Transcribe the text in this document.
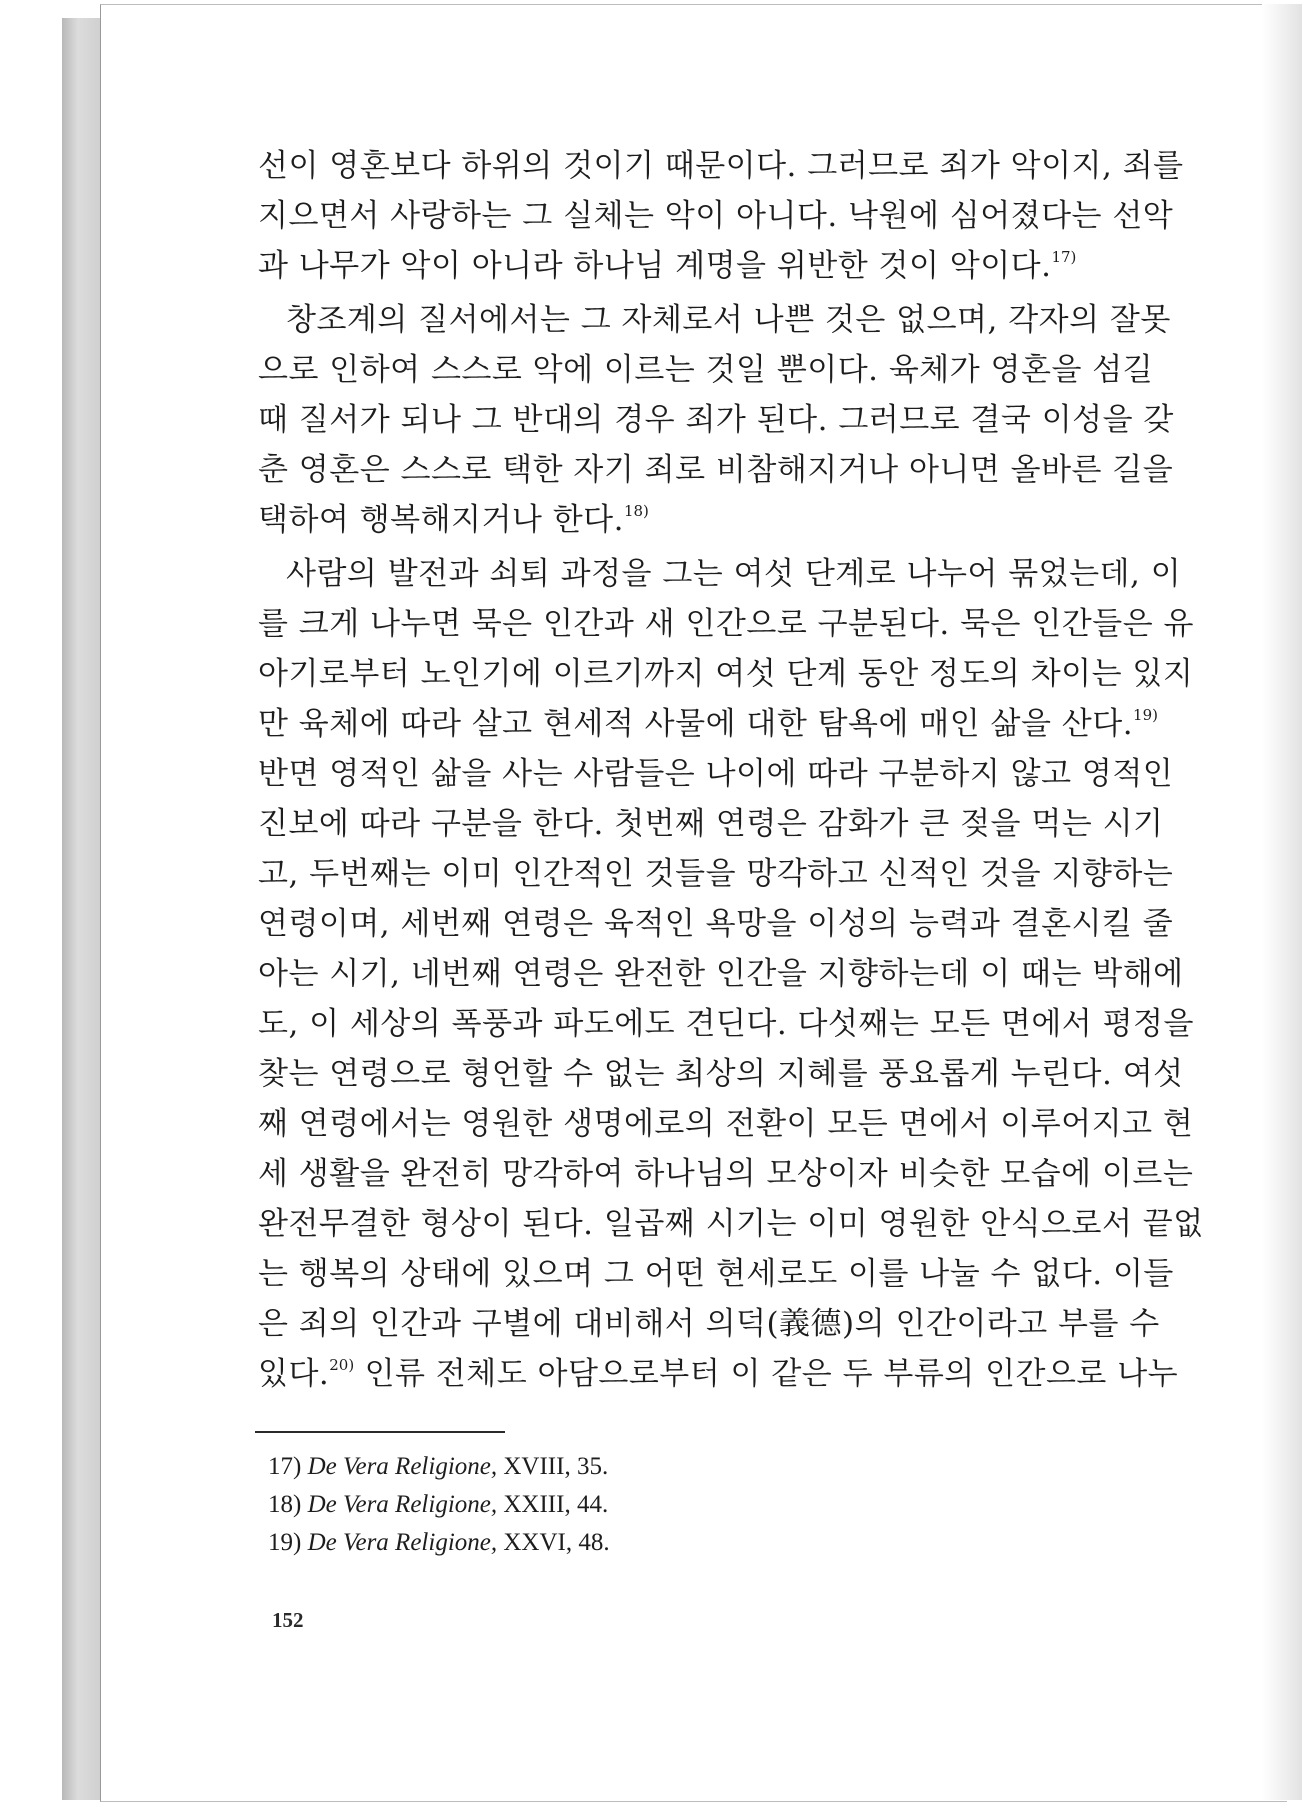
선이 영혼보다 하위의 것이기 때문이다. 그러므로 죄가 악이지, 죄를
지으면서 사랑하는 그 실체는 악이 아니다. 낙원에 심어졌다는 선악
과 나무가 악이 아니라 하나님 계명을 위반한 것이 악이다.$^{17)}$
창조계의 질서에서는 그 자체로서 나쁜 것은 없으며, 각자의 잘못
으로 인하여 스스로 악에 이르는 것일 뿐이다. 육체가 영혼을 섬길
때 질서가 되나 그 반대의 경우 죄가 된다. 그러므로 결국 이성을 갖
춘 영혼은 스스로 택한 자기 죄로 비참해지거나 아니면 올바른 길을
택하여 행복해지거나 한다.$^{18)}$
사람의 발전과 쇠퇴 과정을 그는 여섯 단계로 나누어 묶었는데, 이
를 크게 나누면 묵은 인간과 새 인간으로 구분된다. 묵은 인간들은 유
아기로부터 노인기에 이르기까지 여섯 단계 동안 정도의 차이는 있지
만 육체에 따라 살고 현세적 사물에 대한 탐욕에 매인 삶을 산다.$^{19)}$
반면 영적인 삶을 사는 사람들은 나이에 따라 구분하지 않고 영적인
진보에 따라 구분을 한다. 첫번째 연령은 감화가 큰 젖을 먹는 시기
고, 두번째는 이미 인간적인 것들을 망각하고 신적인 것을 지향하는
연령이며, 세번째 연령은 육적인 욕망을 이성의 능력과 결혼시킬 줄
아는 시기, 네번째 연령은 완전한 인간을 지향하는데 이 때는 박해에
도, 이 세상의 폭풍과 파도에도 견딘다. 다섯째는 모든 면에서 평정을
찾는 연령으로 형언할 수 없는 최상의 지혜를 풍요롭게 누린다. 여섯
째 연령에서는 영원한 생명에로의 전환이 모든 면에서 이루어지고 현
세 생활을 완전히 망각하여 하나님의 모상이자 비슷한 모습에 이르는
완전무결한 형상이 된다. 일곱째 시기는 이미 영원한 안식으로서 끝없
는 행복의 상태에 있으며 그 어떤 현세로도 이를 나눌 수 없다. 이들
은 죄의 인간과 구별에 대비해서 의덕(義德)의 인간이라고 부를 수
있다.$^{20)}$ 인류 전체도 아담으로부터 이 같은 두 부류의 인간으로 나누
17) De Vera Religione, XVIII, 35.
18) De Vera Religione, XXIII, 44.
19) De Vera Religione, XXVI, 48.
152
